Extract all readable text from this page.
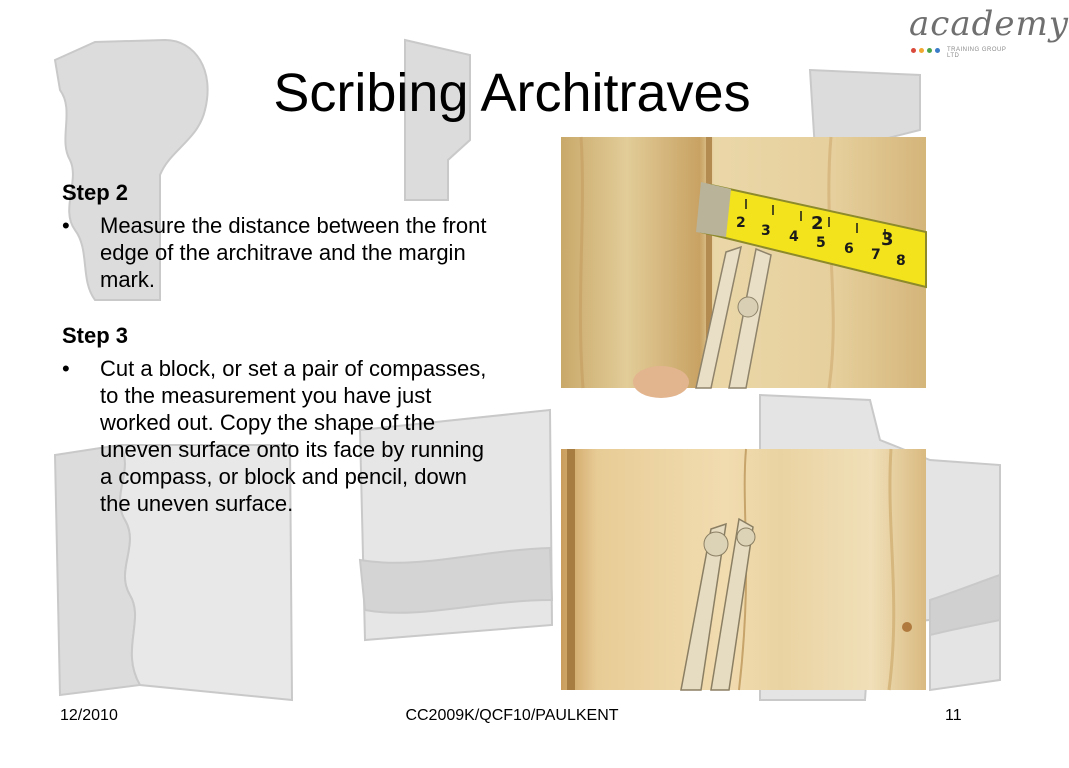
academy
TRAINING GROUP LTD
Scribing Architraves
Step 2
•	Measure the distance between the front edge of the architrave and the margin mark.
Step 3
•	Cut a block, or set a pair of compasses, to the measurement you have just worked out. Copy the shape of the uneven surface onto its face by running a compass, or block and pencil, down the uneven surface.
2 3 4 5 6 7 8
2
3
12/2010	CC2009K/QCF10/PAULKENT	11
